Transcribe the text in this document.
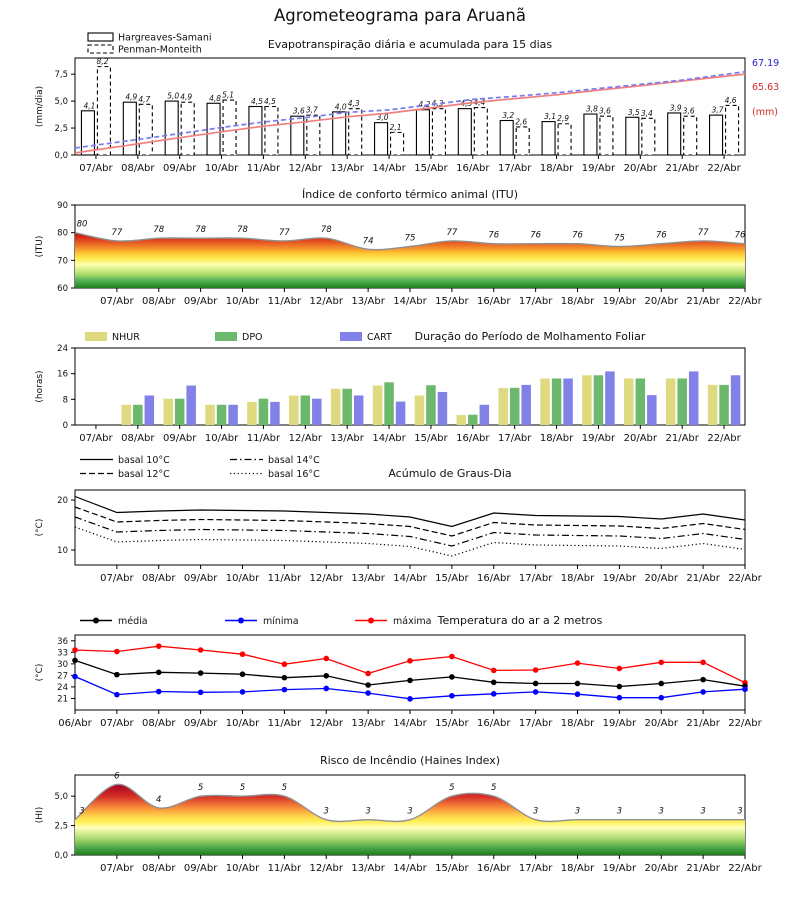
Agrometeograma para Aruanã
Hargreaves-Samani
Penman-Monteith	Evapotranspiração diária e acumulada para 15 dias
0,0
2,5
5,0
7,5
(mm/dia)
07/Abr 08/Abr 09/Abr 10/Abr 11/Abr 12/Abr 13/Abr 14/Abr 15/Abr 16/Abr 17/Abr 18/Abr 19/Abr 20/Abr 21/Abr 22/Abr
4,1
8,2
4,9 4,7 5,0 4,9 4,8 5,1
4,5 4,5
3,6 3,7 4,0 4,3
3,0
2,1
4,2 4,3 4,3 4,4
3,2
2,6
3,1 2,9
3,8 3,6 3,5 3,4
3,9 3,6 3,7
4,6
67.19
65.63
(mm)
Índice de conforto térmico animal (ITU)
60
70
80
90
(ITU)
07/Abr 08/Abr 09/Abr 10/Abr 11/Abr 12/Abr 13/Abr 14/Abr 15/Abr 16/Abr 17/Abr 18/Abr 19/Abr 20/Abr 21/Abr 22/Abr
80
77	78	78	78	77	78
74	75
77	76	76	76	75	76	77	76
NHUR	DPO	CART Duração do Período de Molhamento Foliar
0
8
16
24
(horas)
07/Abr 08/Abr 09/Abr 10/Abr 11/Abr 12/Abr 13/Abr 14/Abr 15/Abr 16/Abr 17/Abr 18/Abr 19/Abr 20/Abr 21/Abr 22/Abr
basal 10°C
basal 12°C
basal 14°C
basal 16°C	Acúmulo de Graus-Dia
10
20
(°C)
07/Abr 08/Abr 09/Abr 10/Abr 11/Abr 12/Abr 13/Abr 14/Abr 15/Abr 16/Abr 17/Abr 18/Abr 19/Abr 20/Abr 21/Abr 22/Abr
média	mínima	máxima Temperatura do ar a 2 metros
21
24
27
30
33
36
(°C)
06/Abr 07/Abr 08/Abr 09/Abr 10/Abr 11/Abr 12/Abr 13/Abr 14/Abr 15/Abr 16/Abr 17/Abr 18/Abr 19/Abr 20/Abr 21/Abr 22/Abr
Risco de Incêndio (Haines Index)
0,0
2,5
5,0
(HI)
07/Abr 08/Abr 09/Abr 10/Abr 11/Abr 12/Abr 13/Abr 14/Abr 15/Abr 16/Abr 17/Abr 18/Abr 19/Abr 20/Abr 21/Abr 22/Abr
3
6
4
5	5	5
3	3	3
5	5
3	3	3	3	3	3
